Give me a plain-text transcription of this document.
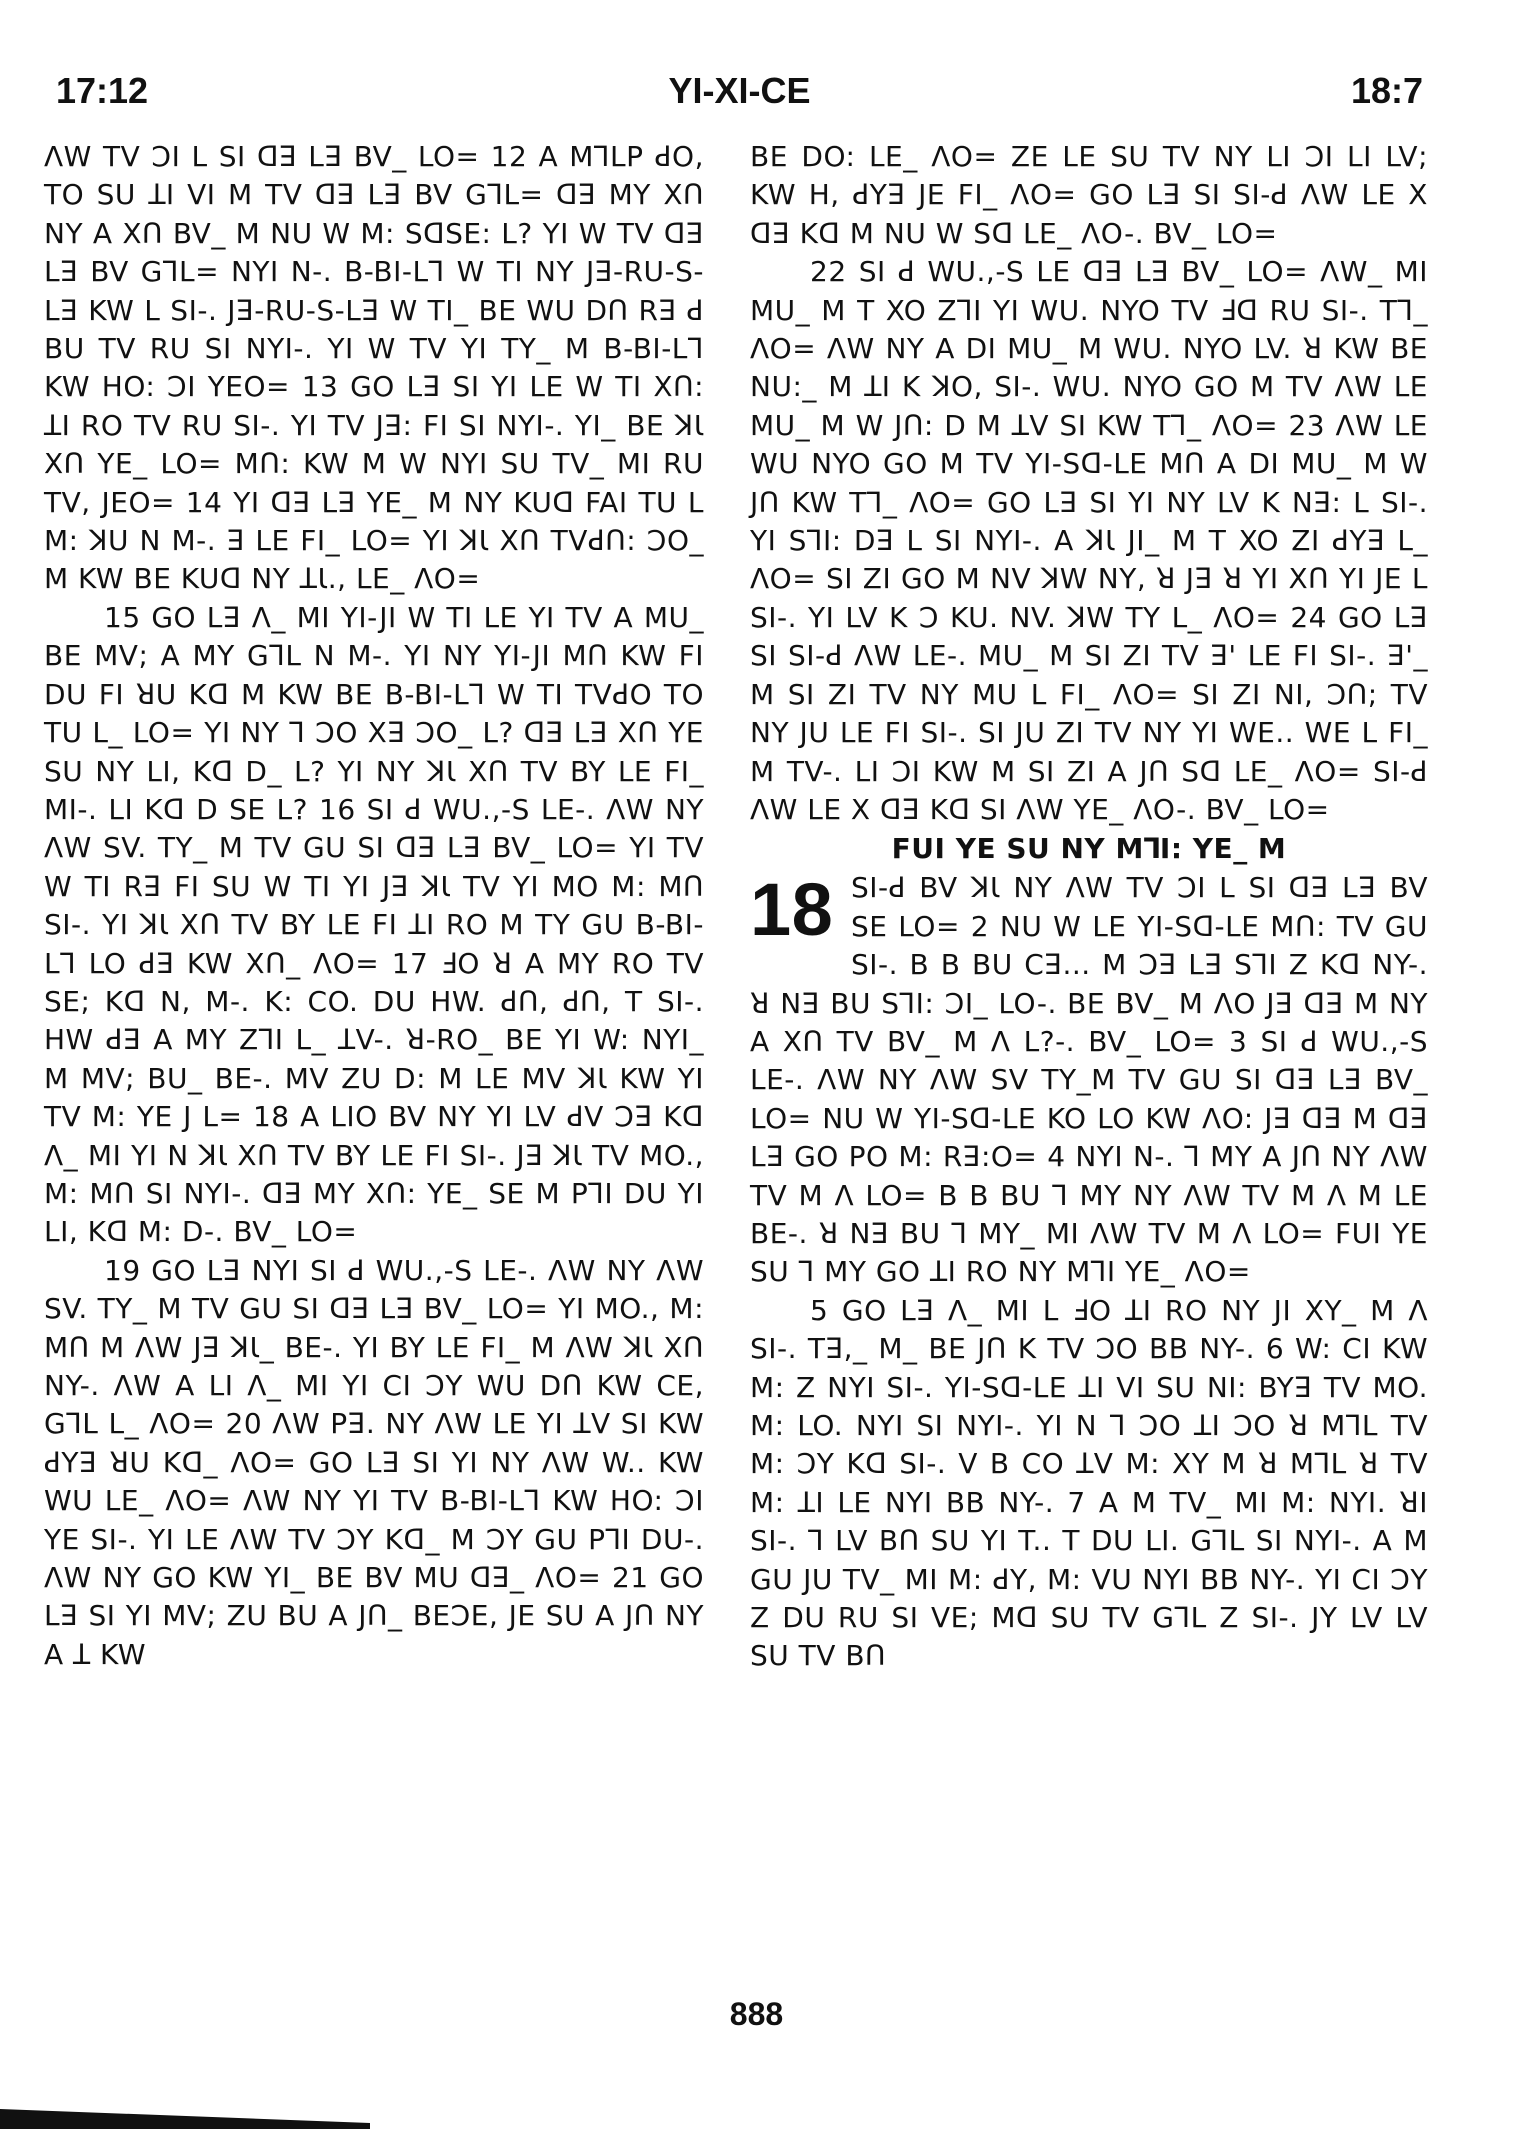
17:12	YI-XI-CE	18:7

ΛW TV ƆI L SI ꓷꓱ Lꓱ BV_ LO= 12 A MꓶLP ꓒO, TO SU ꓕI VI M TV ꓷꓱ Lꓱ BV GꓶL= ꓷꓱ MY XՈ NY A XՈ BV_ M NU W M: SꓷSE: L? YI W TV ꓷꓱ Lꓱ BV GꓶL= NYI N-. B-BI-Lꓶ W TI NY Jꓱ-RU-S-Lꓱ KW L SI-. Jꓱ-RU-S-Lꓱ W TI_ BE WU DՈ Rꓱ ꓒ BU TV RU SI NYI-. YI W TV YI TY_ M B-BI-Lꓶ KW HO: ƆI YEO= 13 GO Lꓱ SI YI LE W TI XՈ: ꓕI RO TV RU SI-. YI TV Jꓱ: FI SI NYI-. YI_ BE ꓘƖ XՈ YE_ LO= MՈ: KW M W NYI SU TV_ MI RU TV, JEO= 14 YI ꓷꓱ Lꓱ YE_ M NY KUꓷ FAI TU L M: ꓘU N M-. ꓱ LE FI_ LO= YI ꓘƖ XՈ TVꓒՈ: ƆO_ M KW BE KUꓷ NY ꓕƖ., LE_ ΛO=

15 GO Lꓱ Λ_ MI YI-JI W TI LE YI TV A MU_ BE MV; A MY GꓶL N M-. YI NY YI-JI MՈ KW FI DU FI ꓤU Kꓷ M KW BE B-BI-Lꓶ W TI TVꓒO TO TU L_ LO= YI NY ꓶ ƆO Xꓱ ƆO_ L? ꓷꓱ Lꓱ XՈ YE SU NY LI, Kꓷ D_ L? YI NY ꓘƖ XՈ TV BY LE FI_ MI-. LI Kꓷ D SE L? 16 SI ꓒ WU.,-S LE-. ΛW NY ΛW SV. TY_ M TV GU SI ꓷꓱ Lꓱ BV_ LO= YI TV W TI Rꓱ FI SU W TI YI Jꓱ ꓘƖ TV YI MO M: MՈ SI-. YI ꓘƖ XՈ TV BY LE FI ꓕI RO M TY GU B-BI-Lꓶ LO ꓒꓱ KW XՈ_ ΛO= 17 ꓞO ꓤ A MY RO TV SE; Kꓷ N, M-. K: CO. DU HW. ꓒՈ, ꓒՈ, T SI-. HW ꓒꓱ A MY ZꓶI L_ ꓕV-. ꓤ-RO_ BE YI W: NYI_ M MV; BU_ BE-. MV ZU D: M LE MV ꓘƖ KW YI TV M: YE J L= 18 A LIO BV NY YI LV ꓒV Ɔꓱ Kꓷ Λ_ MI YI N ꓘƖ XՈ TV BY LE FI SI-. Jꓱ ꓘƖ TV MO., M: MՈ SI NYI-. ꓷꓱ MY XՈ: YE_ SE M PꓶI DU YI LI, Kꓷ M: D-. BV_ LO=

19 GO Lꓱ NYI SI ꓒ WU.,-S LE-. ΛW NY ΛW SV. TY_ M TV GU SI ꓷꓱ Lꓱ BV_ LO= YI MO., M: MՈ M ΛW Jꓱ ꓘƖ_ BE-. YI BY LE FI_ M ΛW ꓘƖ XՈ NY-. ΛW A LI Λ_ MI YI CI ƆY WU DՈ KW CE, GꓶL L_ ΛO= 20 ΛW Pꓱ. NY ΛW LE YI ꓕV SI KW ꓒYꓱ ꓤU Kꓷ_ ΛO= GO Lꓱ SI YI NY ΛW W.. KW WU LE_ ΛO= ΛW NY YI TV B-BI-Lꓶ KW HO: ƆI YE SI-. YI LE ΛW TV ƆY Kꓷ_ M ƆY GU PꓶI DU-. ΛW NY GO KW YI_ BE BV MU ꓷꓱ_ ΛO= 21 GO Lꓱ SI YI MV; ZU BU A JՈ_ BEƆE, JE SU A JՈ NY A ꓕ KW

BE DO: LE_ ΛO= ZE LE SU TV NY LI ƆI LI LV; KW H, ꓒYꓱ JE FI_ ΛO= GO Lꓱ SI SI-ꓒ ΛW LE X ꓷꓱ Kꓷ M NU W Sꓷ LE_ ΛO-. BV_ LO=

22 SI ꓒ WU.,-S LE ꓷꓱ Lꓱ BV_ LO= ΛW_ MI MU_ M T XO ZꓶI YI WU. NYO TV ꓞꓷ RU SI-. Tꓶ_ ΛO= ΛW NY A DI MU_ M WU. NYO LV. ꓤ KW BE NU:_ M ꓕI K ꓘO, SI-. WU. NYO GO M TV ΛW LE MU_ M W JՈ: D M ꓕV SI KW Tꓶ_ ΛO= 23 ΛW LE WU NYO GO M TV YI-Sꓷ-LE MՈ A DI MU_ M W JՈ KW Tꓶ_ ΛO= GO Lꓱ SI YI NY LV K Nꓱ: L SI-. YI SꓶI: Dꓱ L SI NYI-. A ꓘƖ JI_ M T XO ZI ꓒYꓱ L_ ΛO= SI ZI GO M NV ꓘW NY, ꓤ Jꓱ ꓤ YI XՈ YI JE L SI-. YI LV K Ɔ KU. NV. ꓘW TY L_ ΛO= 24 GO Lꓱ SI SI-ꓒ ΛW LE-. MU_ M SI ZI TV ꓱ' LE FI SI-. ꓱ'_ M SI ZI TV NY MU L FI_ ΛO= SI ZI NI, ƆՈ; TV NY JU LE FI SI-. SI JU ZI TV NY YI WE.. WE L FI_ M TV-. LI ƆI KW M SI ZI A JՈ Sꓷ LE_ ΛO= SI-ꓒ ΛW LE X ꓷꓱ Kꓷ SI ΛW YE_ ΛO-. BV_ LO=

FUI YE SU NY MꓶI: YE_ M

18 SI-ꓒ BV ꓘƖ NY ΛW TV ƆI L SI ꓷꓱ Lꓱ BV SE LO= 2 NU W LE YI-Sꓷ-LE MՈ: TV GU SI-. B B BU Cꓱ... M Ɔꓱ Lꓱ SꓶI Z Kꓷ NY-. ꓤ Nꓱ BU SꓶI: ƆI_ LO-. BE BV_ M ΛO Jꓱ ꓷꓱ M NY A XՈ TV BV_ M Λ L?-. BV_ LO= 3 SI ꓒ WU.,-S LE-. ΛW NY ΛW SV TY_M TV GU SI ꓷꓱ Lꓱ BV_ LO= NU W YI-Sꓷ-LE KO LO KW ΛO: Jꓱ ꓷꓱ M ꓷꓱ Lꓱ GO PO M: Rꓱ:O= 4 NYI N-. ꓶ MY A JՈ NY ΛW TV M Λ LO= B B BU ꓶ MY NY ΛW TV M Λ M LE BE-. ꓤ Nꓱ BU ꓶ MY_ MI ΛW TV M Λ LO= FUI YE SU ꓶ MY GO ꓕI RO NY MꓶI YE_ ΛO=

5 GO Lꓱ Λ_ MI L ꓞO ꓕI RO NY JI XY_ M Λ SI-. Tꓱ,_ M_ BE JՈ K TV ƆO BB NY-. 6 W: CI KW M: Z NYI SI-. YI-Sꓷ-LE ꓕI VI SU NI: BYꓱ TV MO. M: LO. NYI SI NYI-. YI N ꓶ ƆO ꓕI ƆO ꓤ MꓶL TV M: ƆY Kꓷ SI-. V B CO ꓕV M: XY M ꓤ MꓶL ꓤ TV M: ꓕI LE NYI BB NY-. 7 A M TV_ MI M: NYI. ꓤI SI-. ꓶ LV BՈ SU YI T.. T DU LI. GꓶL SI NYI-. A M GU JU TV_ MI M: ꓒY, M: VU NYI BB NY-. YI CI ƆY Z DU RU SI VE; Mꓷ SU TV GꓶL Z SI-. JY LV LV SU TV BՈ

888
